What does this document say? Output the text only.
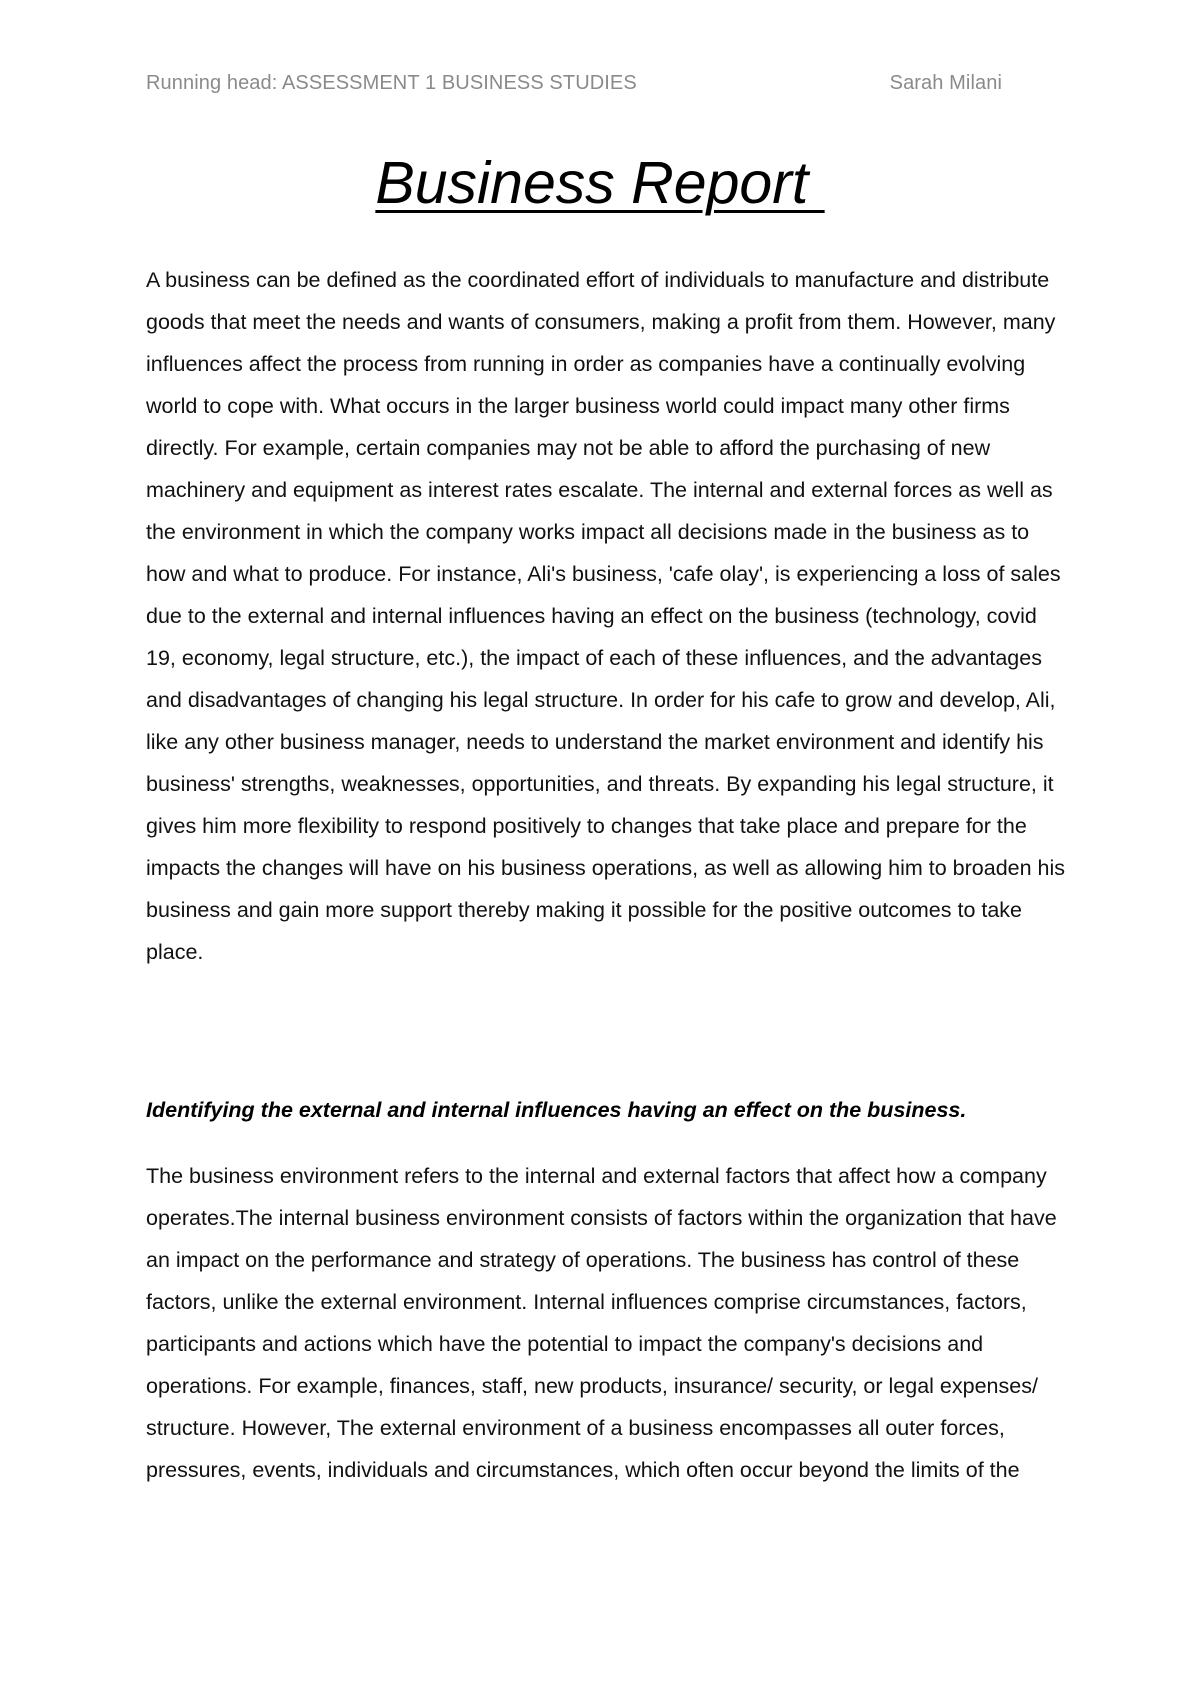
Running head: ASSESSMENT 1 BUSINESS STUDIES	Sarah Milani
Business Report

A business can be defined as the coordinated effort of individuals to manufacture and distribute goods that meet the needs and wants of consumers, making a profit from them. However, many influences affect the process from running in order as companies have a continually evolving world to cope with. What occurs in the larger business world could impact many other firms directly. For example, certain companies may not be able to afford the purchasing of new machinery and equipment as interest rates escalate. The internal and external forces as well as the environment in which the company works impact all decisions made in the business as to how and what to produce. For instance, Ali's business, 'cafe olay', is experiencing a loss of sales due to the external and internal influences having an effect on the business (technology, covid 19, economy, legal structure, etc.), the impact of each of these influences, and the advantages and disadvantages of changing his legal structure. In order for his cafe to grow and develop, Ali, like any other business manager, needs to understand the market environment and identify his business' strengths, weaknesses, opportunities, and threats. By expanding his legal structure, it gives him more flexibility to respond positively to changes that take place and prepare for the impacts the changes will have on his business operations, as well as allowing him to broaden his business and gain more support thereby making it possible for the positive outcomes to take place.

Identifying the external and internal influences having an effect on the business.

The business environment refers to the internal and external factors that affect how a company operates.The internal business environment consists of factors within the organization that have an impact on the performance and strategy of operations. The business has control of these factors, unlike the external environment. Internal influences comprise circumstances, factors, participants and actions which have the potential to impact the company's decisions and operations. For example, finances, staff, new products, insurance/ security, or legal expenses/ structure. However, The external environment of a business encompasses all outer forces, pressures, events, individuals and circumstances, which often occur beyond the limits of the
